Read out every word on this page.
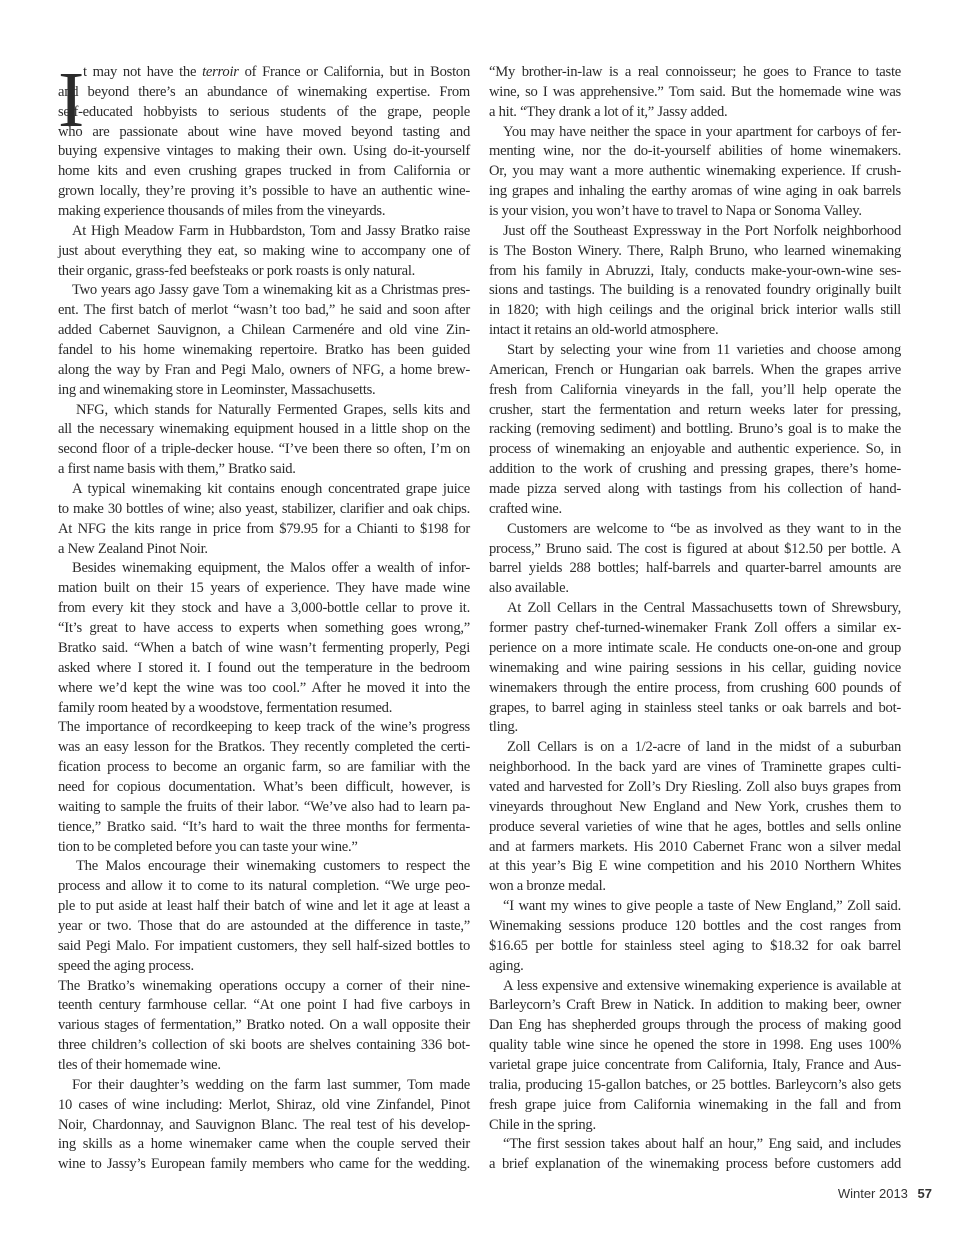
I
t may not have the terroir of France or California, but in Boston
and beyond there’s an abundance of winemaking expertise. From
self-educated hobbyists to serious students of the grape, people
who are passionate about wine have moved beyond tasting and
buying expensive vintages to making their own. Using do-it-yourself
home kits and even crushing grapes trucked in from California or
grown locally, they’re proving it’s possible to have an authentic wine-
making experience thousands of miles from the vineyards.
At High Meadow Farm in Hubbardston, Tom and Jassy Bratko raise
just about everything they eat, so making wine to accompany one of
their organic, grass-fed beefsteaks or pork roasts is only natural.
Two years ago Jassy gave Tom a winemaking kit as a Christmas pres-
ent. The first batch of merlot “wasn’t too bad,” he said and soon after
added Cabernet Sauvignon, a Chilean Carmenére and old vine Zin-
fandel to his home winemaking repertoire. Bratko has been guided
along the way by Fran and Pegi Malo, owners of NFG, a home brew-
ing and winemaking store in Leominster, Massachusetts.
NFG, which stands for Naturally Fermented Grapes, sells kits and
all the necessary winemaking equipment housed in a little shop on the
second floor of a triple-decker house. “I’ve been there so often, I’m on
a first name basis with them,” Bratko said.
A typical winemaking kit contains enough concentrated grape juice
to make 30 bottles of wine; also yeast, stabilizer, clarifier and oak chips.
At NFG the kits range in price from $79.95 for a Chianti to $198 for
a New Zealand Pinot Noir.
Besides winemaking equipment, the Malos offer a wealth of infor-
mation built on their 15 years of experience. They have made wine
from every kit they stock and have a 3,000-bottle cellar to prove it.
“It’s great to have access to experts when something goes wrong,”
Bratko said. “When a batch of wine wasn’t fermenting properly, Pegi
asked where I stored it. I found out the temperature in the bedroom
where we’d kept the wine was too cool.” After he moved it into the
family room heated by a woodstove, fermentation resumed.
The importance of recordkeeping to keep track of the wine’s progress
was an easy lesson for the Bratkos. They recently completed the certi-
fication process to become an organic farm, so are familiar with the
need for copious documentation. What’s been difficult, however, is
waiting to sample the fruits of their labor. “We’ve also had to learn pa-
tience,” Bratko said. “It’s hard to wait the three months for fermenta-
tion to be completed before you can taste your wine.”
The Malos encourage their winemaking customers to respect the
process and allow it to come to its natural completion. “We urge peo-
ple to put aside at least half their batch of wine and let it age at least a
year or two. Those that do are astounded at the difference in taste,”
said Pegi Malo. For impatient customers, they sell half-sized bottles to
speed the aging process.
The Bratko’s winemaking operations occupy a corner of their nine-
teenth century farmhouse cellar. “At one point I had five carboys in
various stages of fermentation,” Bratko noted. On a wall opposite their
three children’s collection of ski boots are shelves containing 336 bot-
tles of their homemade wine.
For their daughter’s wedding on the farm last summer, Tom made
10 cases of wine including: Merlot, Shiraz, old vine Zinfandel, Pinot
Noir, Chardonnay, and Sauvignon Blanc. The real test of his develop-
ing skills as a home winemaker came when the couple served their
wine to Jassy’s European family members who came for the wedding.
“My brother-in-law is a real connoisseur; he goes to France to taste
wine, so I was apprehensive.” Tom said. But the homemade wine was
a hit. “They drank a lot of it,” Jassy added.
You may have neither the space in your apartment for carboys of fer-
menting wine, nor the do-it-yourself abilities of home winemakers.
Or, you may want a more authentic winemaking experience. If crush-
ing grapes and inhaling the earthy aromas of wine aging in oak barrels
is your vision, you won’t have to travel to Napa or Sonoma Valley.
Just off the Southeast Expressway in the Port Norfolk neighborhood
is The Boston Winery. There, Ralph Bruno, who learned winemaking
from his family in Abruzzi, Italy, conducts make-your-own-wine ses-
sions and tastings. The building is a renovated foundry originally built
in 1820; with high ceilings and the original brick interior walls still
intact it retains an old-world atmosphere.
Start by selecting your wine from 11 varieties and choose among
American, French or Hungarian oak barrels. When the grapes arrive
fresh from California vineyards in the fall, you’ll help operate the
crusher, start the fermentation and return weeks later for pressing,
racking (removing sediment) and bottling. Bruno’s goal is to make the
process of winemaking an enjoyable and authentic experience. So, in
addition to the work of crushing and pressing grapes, there’s home-
made pizza served along with tastings from his collection of hand-
crafted wine.
Customers are welcome to “be as involved as they want to in the
process,” Bruno said. The cost is figured at about $12.50 per bottle. A
barrel yields 288 bottles; half-barrels and quarter-barrel amounts are
also available.
At Zoll Cellars in the Central Massachusetts town of Shrewsbury,
former pastry chef-turned-winemaker Frank Zoll offers a similar ex-
perience on a more intimate scale. He conducts one-on-one and group
winemaking and wine pairing sessions in his cellar, guiding novice
winemakers through the entire process, from crushing 600 pounds of
grapes, to barrel aging in stainless steel tanks or oak barrels and bot-
tling.
Zoll Cellars is on a 1/2-acre of land in the midst of a suburban
neighborhood. In the back yard are vines of Traminette grapes culti-
vated and harvested for Zoll’s Dry Riesling. Zoll also buys grapes from
vineyards throughout New England and New York, crushes them to
produce several varieties of wine that he ages, bottles and sells online
and at farmers markets. His 2010 Cabernet Franc won a silver medal
at this year’s Big E wine competition and his 2010 Northern Whites
won a bronze medal.
“I want my wines to give people a taste of New England,” Zoll said.
Winemaking sessions produce 120 bottles and the cost ranges from
$16.65 per bottle for stainless steel aging to $18.32 for oak barrel
aging.
A less expensive and extensive winemaking experience is available at
Barleycorn’s Craft Brew in Natick. In addition to making beer, owner
Dan Eng has shepherded groups through the process of making good
quality table wine since he opened the store in 1998. Eng uses 100%
varietal grape juice concentrate from California, Italy, France and Aus-
tralia, producing 15-gallon batches, or 25 bottles. Barleycorn’s also gets
fresh grape juice from California winemaking in the fall and from
Chile in the spring.
“The first session takes about half an hour,” Eng said, and includes
a brief explanation of the winemaking process before customers add
Winter 2013 57
